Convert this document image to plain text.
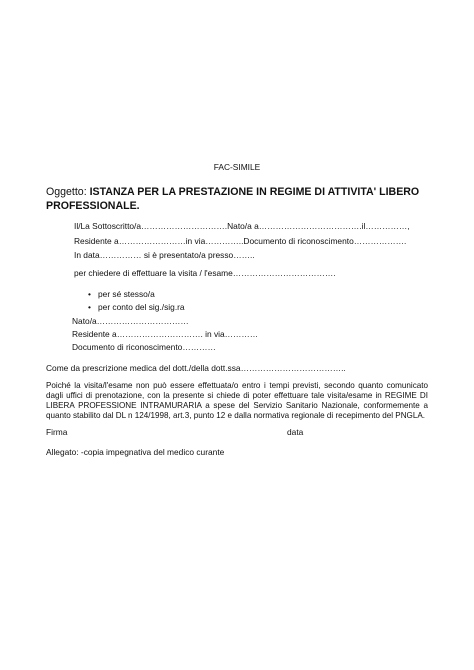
FAC-SIMILE
Oggetto: ISTANZA PER LA PRESTAZIONE IN REGIME DI ATTIVITA' LIBERO PROFESSIONALE.
Il/La Sottoscritto/a………………………….Nato/a a……………………………….il……………,
Residente a……………………in via…………..Documento di riconoscimento……………….
In data…………… si è presentato/a presso……..
per chiedere di effettuare la visita / l'esame……………………………….
• per sé stesso/a
• per conto del sig./sig.ra
Nato/a……………………………
Residente a…………………………. in via…………
Documento di riconoscimento…………
Come da prescrizione medica del dott./della dott.ssa………………………………..
Poiché la visita/l'esame non può essere effettuata/o entro i tempi previsti, secondo quanto comunicato dagli uffici di prenotazione, con la presente si chiede di poter effettuare tale visita/esame in REGIME DI LIBERA PROFESSIONE INTRAMURARIA a spese del Servizio Sanitario Nazionale, conformemente a quanto stabilito dal DL n 124/1998, art.3, punto 12 e dalla normativa regionale di recepimento del PNGLA.
Firma	data
Allegato: -copia impegnativa del medico curante
